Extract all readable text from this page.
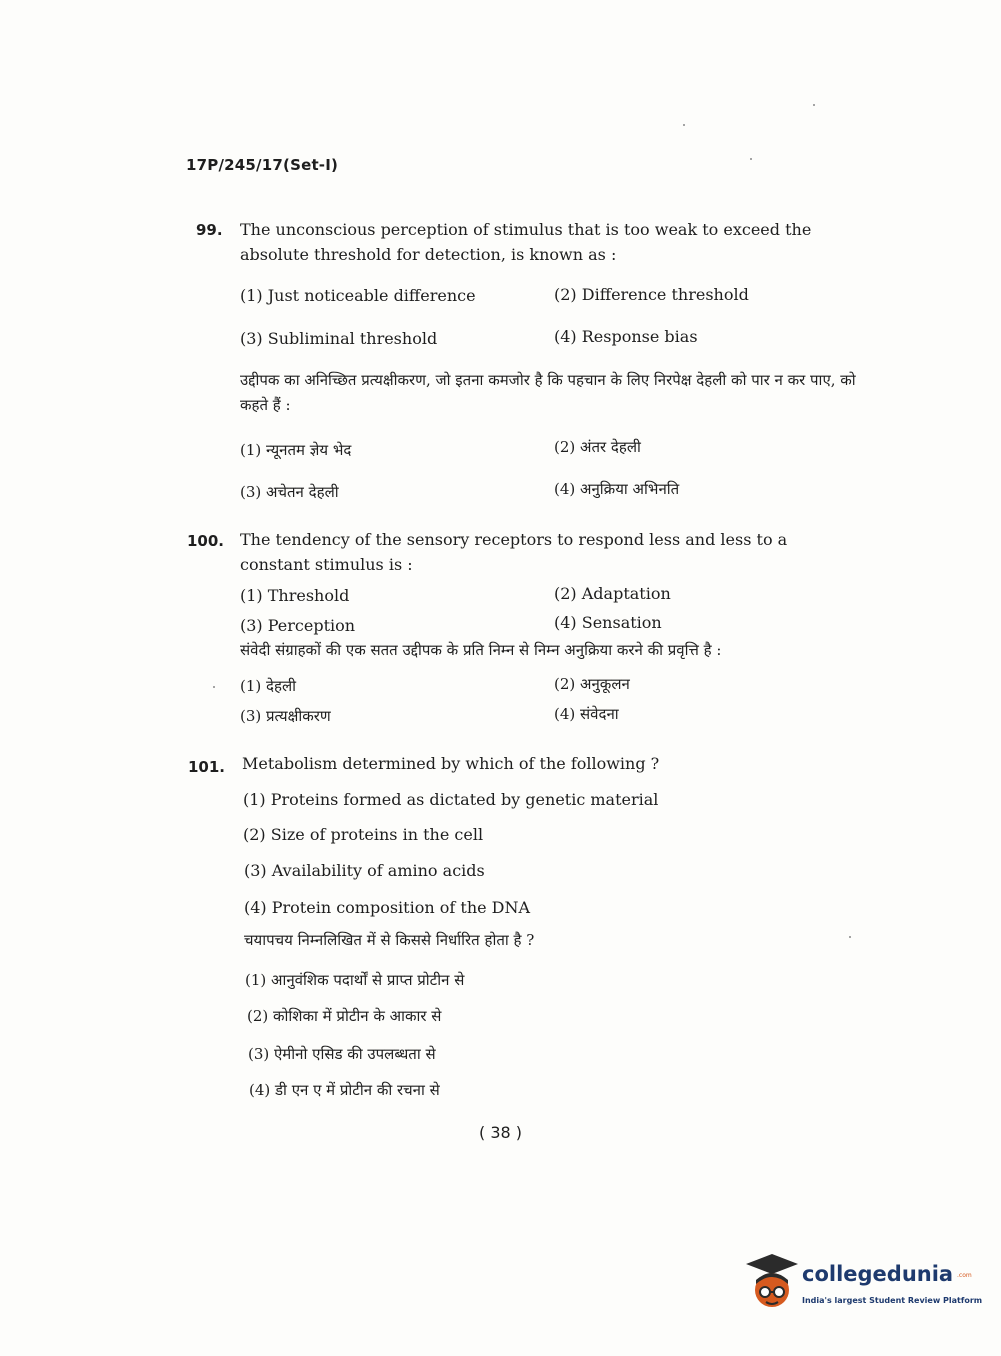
17P/245/17(Set-I)
99. The unconscious perception of stimulus that is too weak to exceed the absolute threshold for detection, is known as :
(1) Just noticeable difference	(2) Difference threshold
(3) Subliminal threshold	(4) Response bias
उद्दीपक का अनिच्छित प्रत्यक्षीकरण, जो इतना कमजोर है कि पहचान के लिए निरपेक्ष देहली को पार न कर पाए, को कहते हैं :
(1) न्यूनतम ज्ञेय भेद	(2) अंतर देहली
(3) अचेतन देहली	(4) अनुक्रिया अभिनति
100. The tendency of the sensory receptors to respond less and less to a constant stimulus is :
(1) Threshold	(2) Adaptation
(3) Perception	(4) Sensation
संवेदी संग्राहकों की एक सतत उद्दीपक के प्रति निम्न से निम्न अनुक्रिया करने की प्रवृत्ति है :
(1) देहली	(2) अनुकूलन
(3) प्रत्यक्षीकरण	(4) संवेदना
101. Metabolism determined by which of the following ?
(1) Proteins formed as dictated by genetic material
(2) Size of proteins in the cell
(3) Availability of amino acids
(4) Protein composition of the DNA
चयापचय निम्नलिखित में से किससे निर्धारित होता है ?
(1) आनुवंशिक पदार्थों से प्राप्त प्रोटीन से
(2) कोशिका में प्रोटीन के आकार से
(3) ऐमीनो एसिड की उपलब्धता से
(4) डी एन ए में प्रोटीन की रचना से
( 38 )
collegedunia .com
India's largest Student Review Platform
